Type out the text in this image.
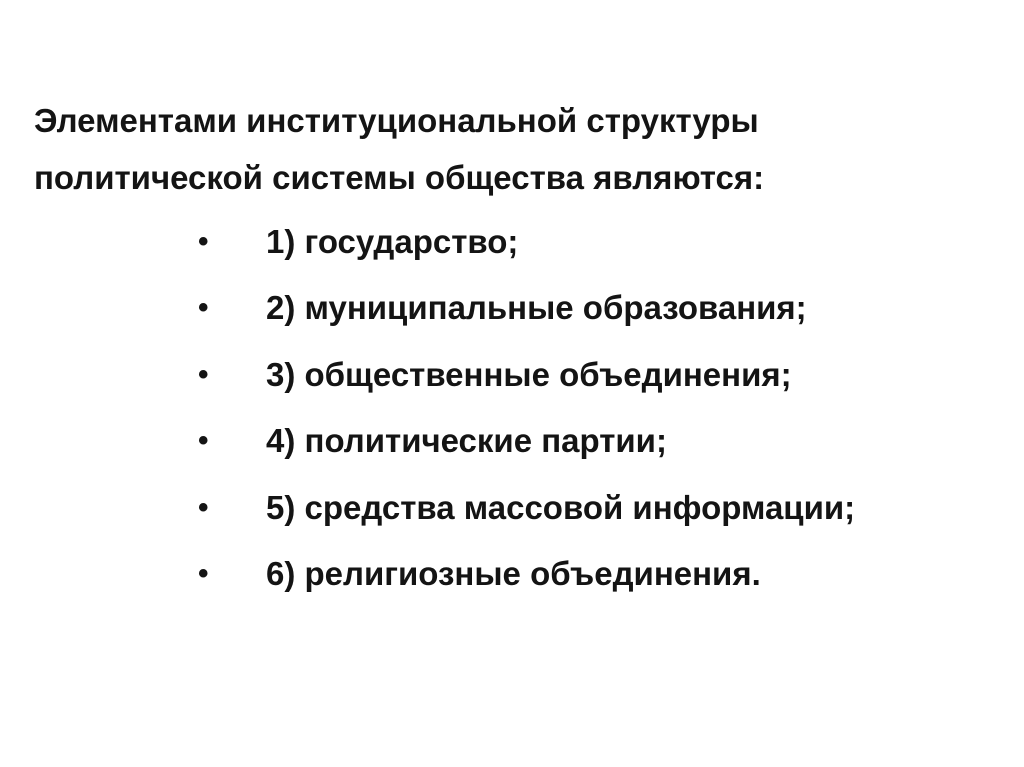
Элементами институциональной структуры
политической системы общества являются:
•	1) государство;
•	2) муниципальные образования;
•	3) общественные объединения;
•	4) политические партии;
•	5) средства массовой информации;
•	6) религиозные объединения.
